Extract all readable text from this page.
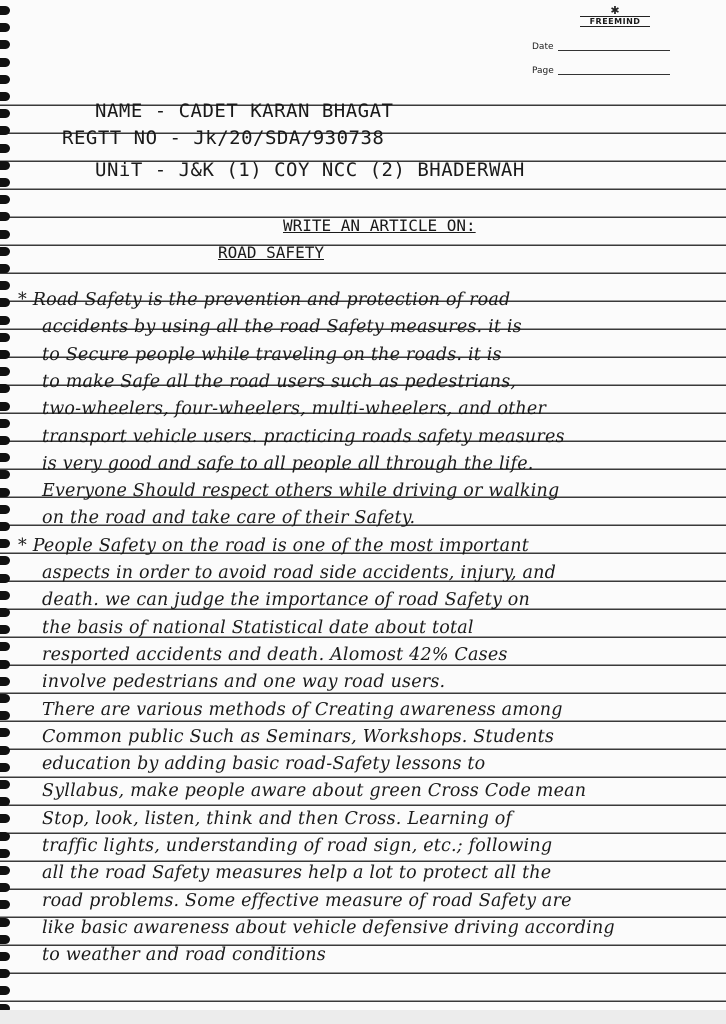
✱
FREEMIND
Date
Page
NAME - CADET KARAN BHAGAT
REGTT NO - Jk/20/SDA/930738
UNiT - J&K (1) COY NCC (2) BHADERWAH
WRITE AN ARTICLE ON:
ROAD SAFETY
* Road Safety is the prevention and protection of road
accidents by using all the road Safety measures. it is
to Secure people while traveling on the roads. it is
to make Safe all the road users such as pedestrians,
two-wheelers, four-wheelers, multi-wheelers, and other
transport vehicle users. practicing roads safety measures
is very good and safe to all people all through the life.
Everyone Should respect others while driving or walking
on the road and take care of their Safety.
* People Safety on the road is one of the most important
aspects in order to avoid road side accidents, injury, and
death. we can judge the importance of road Safety on
the basis of national Statistical date about total
resported accidents and death. Alomost 42% Cases
involve pedestrians and one way road users.
There are various methods of Creating awareness among
Common public Such as Seminars, Workshops. Students
education by adding basic road-Safety lessons to
Syllabus, make people aware about green Cross Code mean
Stop, look, listen, think and then Cross. Learning of
traffic lights, understanding of road sign, etc.; following
all the road Safety measures help a lot to protect all the
road problems. Some effective measure of road Safety are
like basic awareness about vehicle defensive driving according
to weather and road conditions
